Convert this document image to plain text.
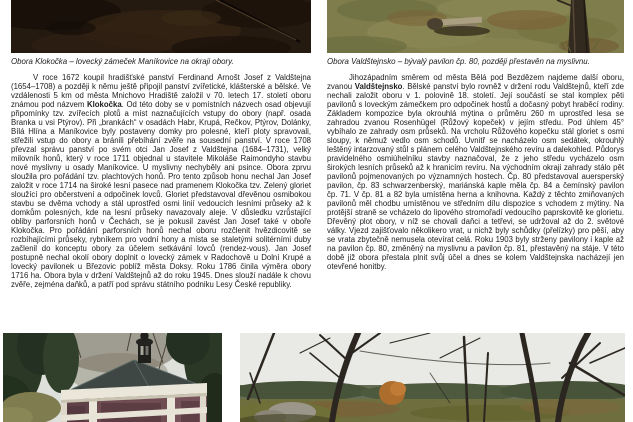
Obora Klokočka – lovecký zámeček Maníkovice na okraji obory.	Obora Valdštejnsko – bývalý pavilon čp. 80, později přestavěn na myslivnu.

V roce 1672 koupil hradišťské panství Ferdinand Arnošt Josef z Valdštejna (1654–1708) a později k němu ještě připojil panství zvířetické, klášterské a bělské. Ve vzdálenosti 5 km od města Mnichovo Hradiště založil v 70. letech 17. století oboru známou pod názvem Klokočka. Od této doby se v pomístních názvech osad objevují připomínky tzv. zvířecích plotů a míst naznačujících vstupy do obory (např. osada Branka u vsi Ptýrov). Při „brankách“ v osadách Habr, Krupá, Rečkov, Ptýrov, Dolánky, Bílá Hlína a Maníkovice byly postaveny domky pro polesné, kteří ploty spravovali, střežili vstup do obory a bránili přebíhání zvěře na sousední panství. V roce 1708 převzal správu panství po svém otci Jan Josef z Valdštejna (1684–1731), velký milovník honů, který v roce 1711 objednal u stavitele Mikoláše Raimondyho stavbu nové myslivny u osady Maníkovice. U myslivny nechyběly ani psince. Obora zprvu sloužila pro pořádání tzv. plachtových honů. Pro tento způsob honu nechal Jan Josef založit v roce 1714 na široké lesní pasece nad pramenem Klokočka tzv. Zelený gloriet sloužící pro občerstvení a odpočinek lovců. Gloriet představoval dřevěnou osmibokou stavbu se dvěma vchody a stál uprostřed osmi linií vedoucích lesními průseky až k domkům polesných, kde na lesní průseky navazovaly aleje. V důsledku vzrůstající obliby parforsních honů v Čechách, se je pokusil zavést Jan Josef také v oboře Klokočka. Pro pořádání parforsních honů nechal oboru rozčlenit hvězdicovitě se rozbíhajícími průseky, rybníkem pro vodní hony a místa se staletými solitérními duby začlenil do konceptu obory za účelem setkávání lovců (rendez-vous). Jan Josef postupně nechal okolí obory doplnit o lovecký zámek v Radochově u Dolní Krupé a lovecký pavilonek u Březovic poblíž města Doksy. Roku 1786 činila výměra obory 1716 ha. Obora byla v držení Valdštejnů až do roku 1945. Dnes slouží nadále k chovu zvěře, zejména daňků, a patří pod správu státního podniku Lesy České republiky.

Jihozápadním směrem od města Bělá pod Bezdězem najdeme další oboru, zvanou Valdštejnsko. Bělské panství bylo rovněž v držení rodu Valdštejnů, kteří zde nechali založit oboru v 1. polovině 18. století. Její součástí se stal komplex pěti pavilonů s loveckým zámečkem pro odpočinek hostů a dočasný pobyt hraběcí rodiny. Základem kompozice byla okrouhlá mýtina o průměru 260 m uprostřed lesa se zahradou zvanou Rosenhügel (Růžový kopeček) v jejím středu. Pod úhlem 45° vybíhalo ze zahrady osm průseků. Na vrcholu Růžového kopečku stál gloriet s osmi sloupy, k němuž vedlo osm schodů. Uvnitř se nacházelo osm sedátek, okrouhlý leštěný intarzovaný stůl s plánem celého Valdštejnského revíru a dalekohled. Půdorys pravidelného osmiúhelníku stavby naznačoval, že z jeho středu vycházelo osm širokých lesních průseků až k hranicím revíru. Na východním okraji zahrady stálo pět pavilonů pojmenovaných po významných hostech. Čp. 80 představoval auersperský pavilon, čp. 83 schwarzenberský, mariánská kaple měla čp. 84 a čemínský pavilon čp. 71. V čp. 81 a 82 byla umístěna herna a knihovna. Každý z těchto zmiňovaných pavilonů měl chodbu umístěnou ve středním dílu dispozice s vchodem z mýtiny. Na protější straně se vcházelo do lipového stromořadí vedoucího paprskovitě ke glorietu. Dřevěný plot obory, v níž se chovali daňci a tetřevi, se udržoval až do 2. světové války. Vjezd zajišťovalo několikero vrat, u nichž byly schůdky (přelízky) pro pěší, aby se vrata zbytečně nemusela otevírat celá. Roku 1903 byly strženy pavilony i kaple až na pavilon čp. 80, změněný na myslivnu a pavilon čp. 81, přestavěný na stáje. V této době již obora přestala plnit svůj účel a dnes se kolem Valdštejnska nacházejí jen otevřené honitby.
